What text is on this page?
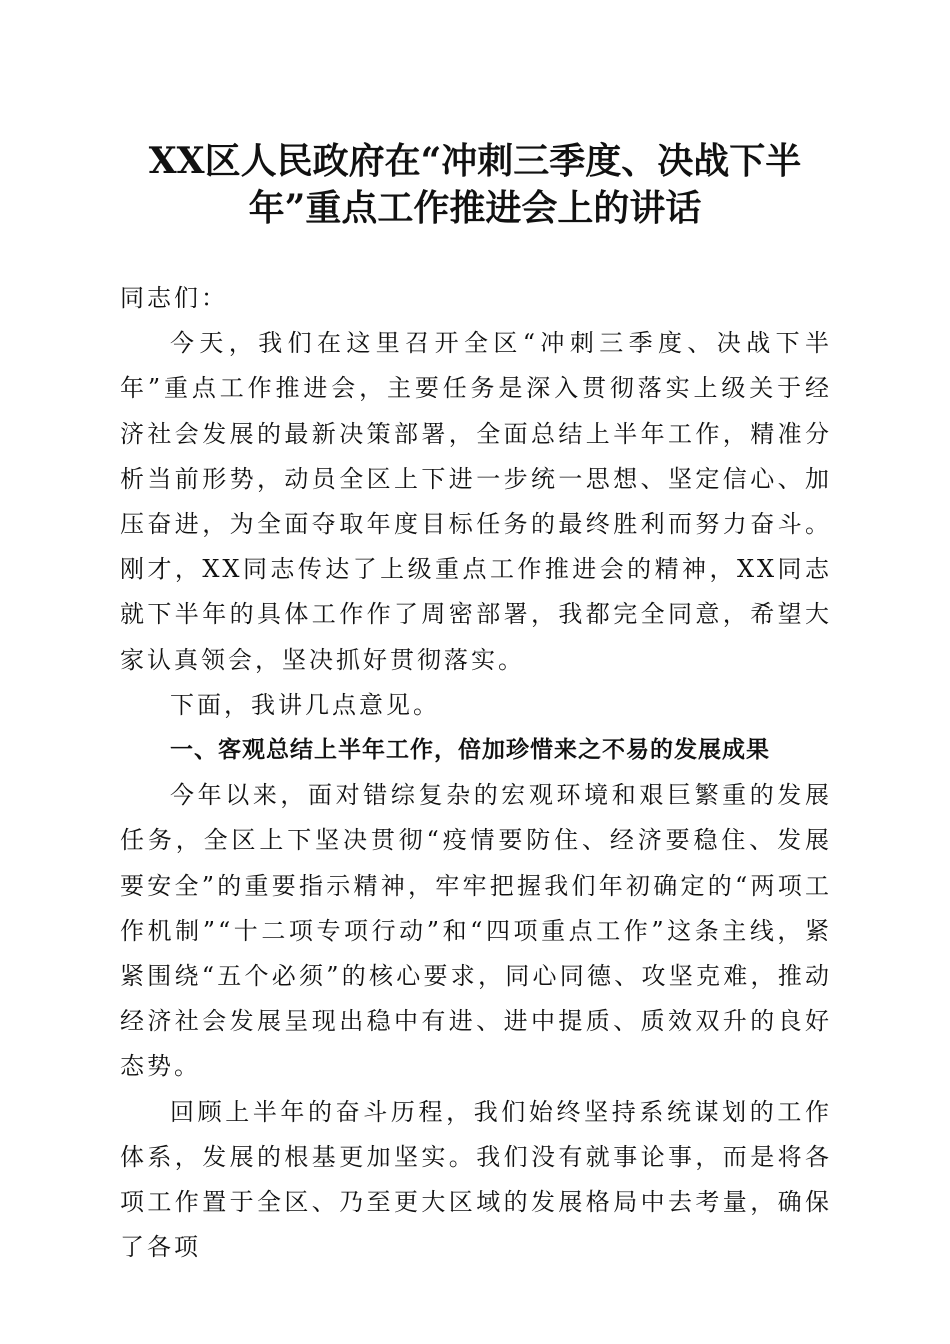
XX区人民政府在“冲刺三季度、决战下半
年”重点工作推进会上的讲话

同志们：

今天，我们在这里召开全区“冲刺三季度、决战下半年”重点工作推进会，主要任务是深入贯彻落实上级关于经济社会发展的最新决策部署，全面总结上半年工作，精准分析当前形势，动员全区上下进一步统一思想、坚定信心、加压奋进，为全面夺取年度目标任务的最终胜利而努力奋斗。刚才，XX同志传达了上级重点工作推进会的精神，XX同志就下半年的具体工作作了周密部署，我都完全同意，希望大家认真领会，坚决抓好贯彻落实。

下面，我讲几点意见。

一、客观总结上半年工作，倍加珍惜来之不易的发展成果

今年以来，面对错综复杂的宏观环境和艰巨繁重的发展任务，全区上下坚决贯彻“疫情要防住、经济要稳住、发展要安全”的重要指示精神，牢牢把握我们年初确定的“两项工作机制”“十二项专项行动”和“四项重点工作”这条主线，紧紧围绕“五个必须”的核心要求，同心同德、攻坚克难，推动经济社会发展呈现出稳中有进、进中提质、质效双升的良好态势。

回顾上半年的奋斗历程，我们始终坚持系统谋划的工作体系，发展的根基更加坚实。我们没有就事论事，而是将各项工作置于全区、乃至更大区域的发展格局中去考量，确保了各项
